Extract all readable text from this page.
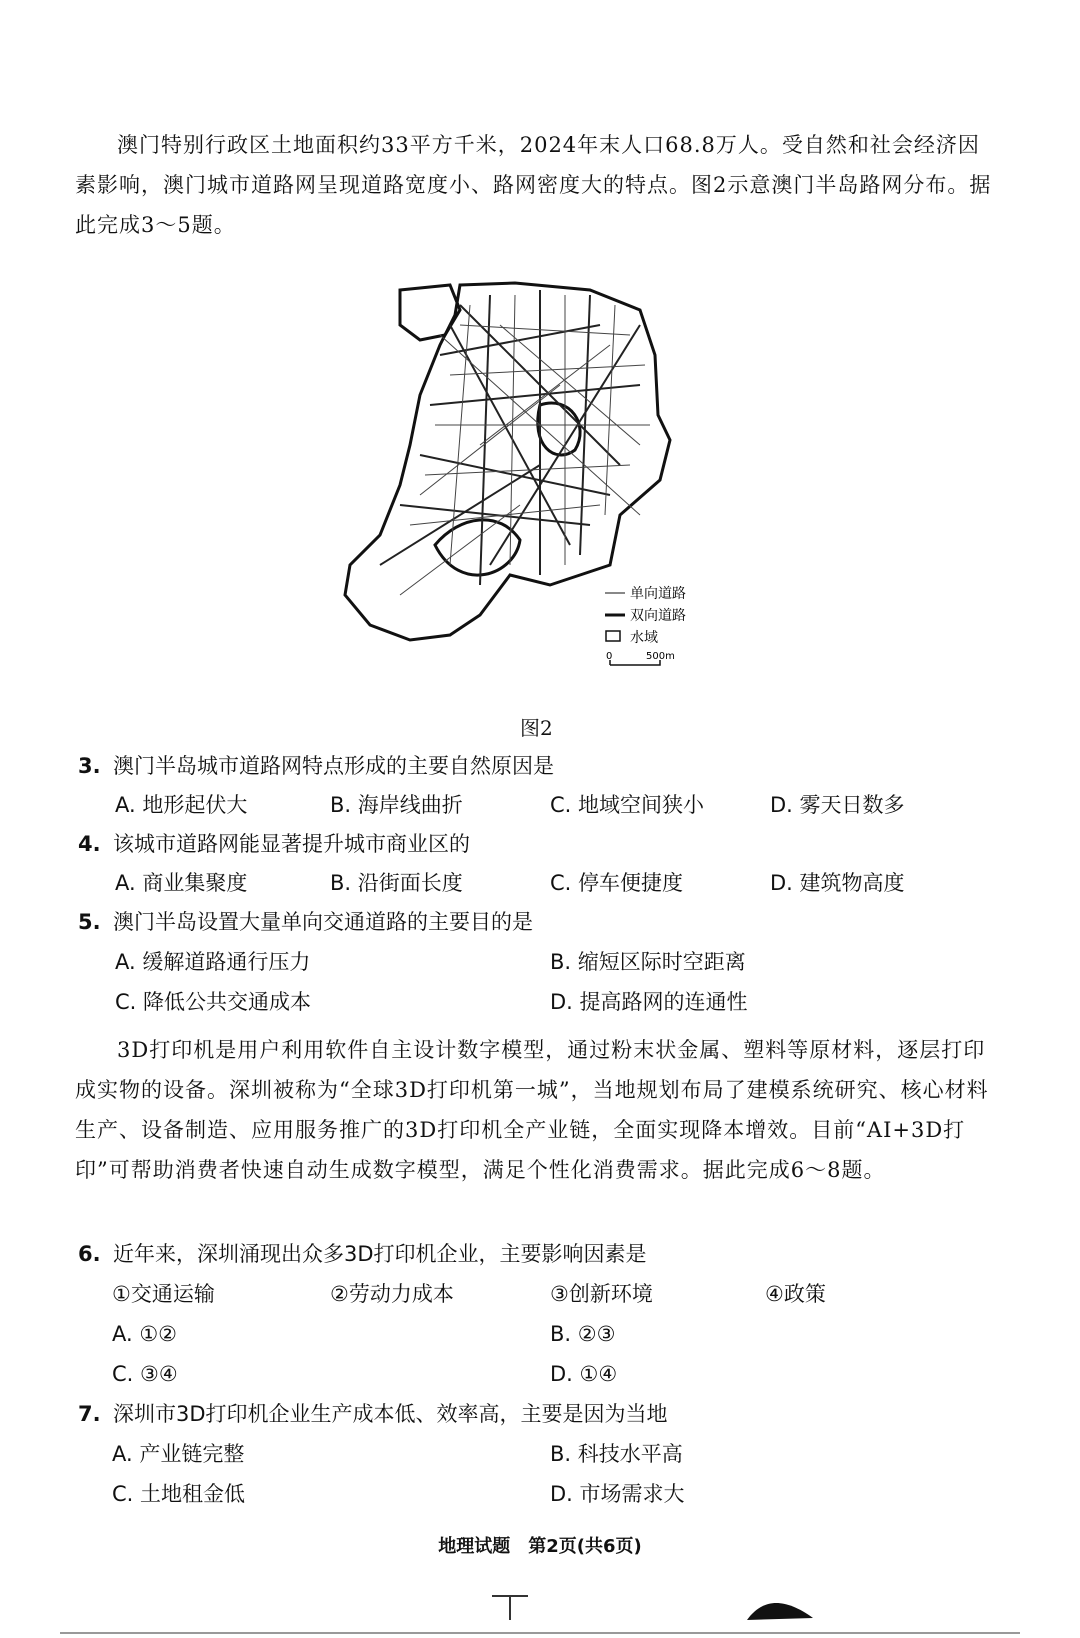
澳门特别行政区土地面积约33平方千米，2024年末人口68.8万人。受自然和社会经济因素影响，澳门城市道路网呈现道路宽度小、路网密度大的特点。图2示意澳门半岛路网分布。据此完成3～5题。

单向道路
双向道路
水域
0	500m
图2
3. 澳门半岛城市道路网特点形成的主要自然原因是
A. 地形起伏大	B. 海岸线曲折	C. 地域空间狭小	D. 雾天日数多
4. 该城市道路网能显著提升城市商业区的
A. 商业集聚度	B. 沿街面长度	C. 停车便捷度	D. 建筑物高度
5. 澳门半岛设置大量单向交通道路的主要目的是
A. 缓解道路通行压力	B. 缩短区际时空距离
C. 降低公共交通成本	D. 提高路网的连通性

3D打印机是用户利用软件自主设计数字模型，通过粉末状金属、塑料等原材料，逐层打印成实物的设备。深圳被称为“全球3D打印机第一城”，当地规划布局了建模系统研究、核心材料生产、设备制造、应用服务推广的3D打印机全产业链，全面实现降本增效。目前“AI+3D打印”可帮助消费者快速自动生成数字模型，满足个性化消费需求。据此完成6～8题。

6. 近年来，深圳涌现出众多3D打印机企业，主要影响因素是
①交通运输	②劳动力成本	③创新环境	④政策
A. ①②	B. ②③
C. ③④	D. ①④
7. 深圳市3D打印机企业生产成本低、效率高，主要是因为当地
A. 产业链完整	B. 科技水平高
C. 土地租金低	D. 市场需求大
地理试题　第2页(共6页)
